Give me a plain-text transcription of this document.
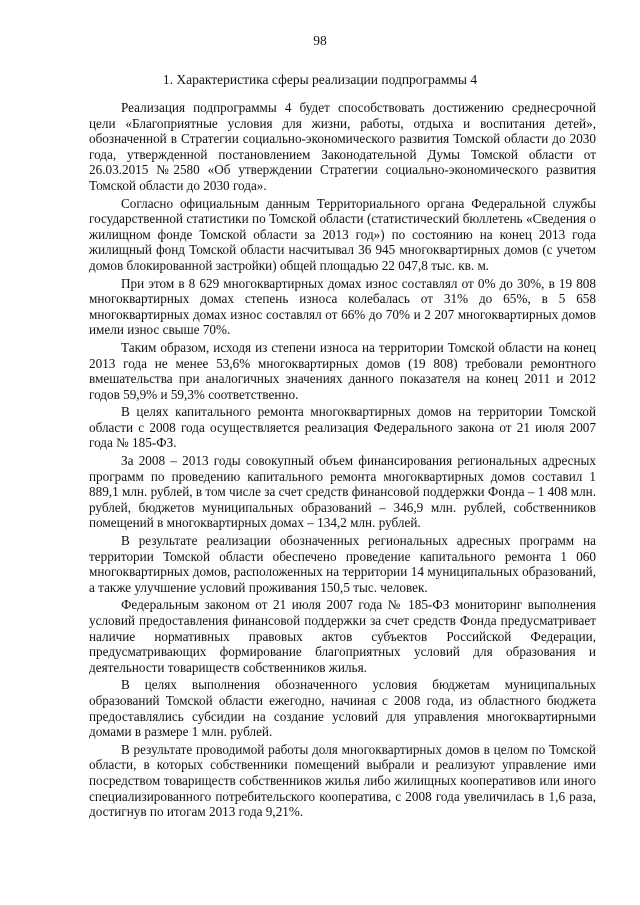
98
1. Характеристика сферы реализации подпрограммы 4

Реализация подпрограммы 4 будет способствовать достижению среднесрочной цели «Благоприятные условия для жизни, работы, отдыха и воспитания детей», обозначенной в Стратегии социально-экономического развития Томской области до 2030 года, утвержденной постановлением Законодательной Думы Томской области от 26.03.2015 №2580 «Об утверждении Стратегии социально-экономического развития Томской области до 2030 года».

Согласно официальным данным Территориального органа Федеральной службы государственной статистики по Томской области (статистический бюллетень «Сведения о жилищном фонде Томской области за 2013 год») по состоянию на конец 2013 года жилищный фонд Томской области насчитывал 36 945 многоквартирных домов (с учетом домов блокированной застройки) общей площадью 22 047,8 тыс. кв. м.

При этом в 8 629 многоквартирных домах износ составлял от 0% до 30%, в 19 808 многоквартирных домах степень износа колебалась от 31% до 65%, в 5 658 многоквартирных домах износ составлял от 66% до 70% и 2 207 многоквартирных домов имели износ свыше 70%.

Таким образом, исходя из степени износа на территории Томской области на конец 2013 года не менее 53,6% многоквартирных домов (19 808) требовали ремонтного вмешательства при аналогичных значениях данного показателя на конец 2011 и 2012 годов 59,9% и 59,3% соответственно.

В целях капитального ремонта многоквартирных домов на территории Томской области с 2008 года осуществляется реализация Федерального закона от 21 июля 2007 года № 185-ФЗ.

За 2008 – 2013 годы совокупный объем финансирования региональных адресных программ по проведению капитального ремонта многоквартирных домов составил 1 889,1 млн. рублей, в том числе за счет средств финансовой поддержки Фонда – 1 408 млн. рублей, бюджетов муниципальных образований – 346,9 млн. рублей, собственников помещений в многоквартирных домах – 134,2 млн. рублей.

В результате реализации обозначенных региональных адресных программ на территории Томской области обеспечено проведение капитального ремонта 1 060 многоквартирных домов, расположенных на территории 14 муниципальных образований, а также улучшение условий проживания 150,5 тыс. человек.

Федеральным законом от 21 июля 2007 года № 185-ФЗ мониторинг выполнения условий предоставления финансовой поддержки за счет средств Фонда предусматривает наличие нормативных правовых актов субъектов Российской Федерации, предусматривающих формирование благоприятных условий для образования и деятельности товариществ собственников жилья.

В целях выполнения обозначенного условия бюджетам муниципальных образований Томской области ежегодно, начиная с 2008 года, из областного бюджета предоставлялись субсидии на создание условий для управления многоквартирными домами в размере 1 млн. рублей.

В результате проводимой работы доля многоквартирных домов в целом по Томской области, в которых собственники помещений выбрали и реализуют управление ими посредством товариществ собственников жилья либо жилищных кооперативов или иного специализированного потребительского кооператива, с 2008 года увеличилась в 1,6 раза, достигнув по итогам 2013 года 9,21%.
